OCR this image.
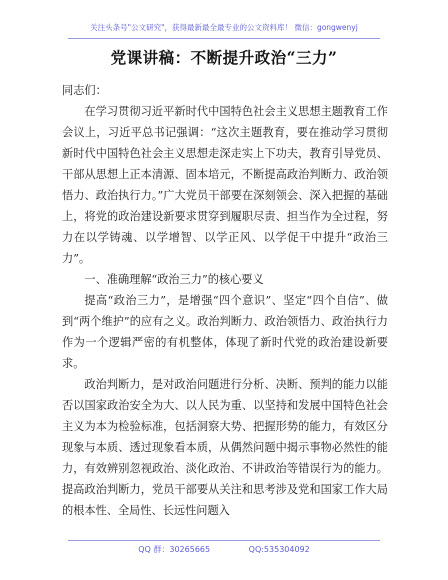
关注头条号"公文研究"，获得最新最全最专业的公文资料库！ 微信：gongwenyj
党课讲稿：不断提升政治“三力”

同志们：

在学习贯彻习近平新时代中国特色社会主义思想主题教育工作会议上，习近平总书记强调：“这次主题教育，要在推动学习贯彻新时代中国特色社会主义思想走深走实上下功夫，教育引导党员、干部从思想上正本清源、固本培元，不断提高政治判断力、政治领悟力、政治执行力。”广大党员干部要在深刻领会、深入把握的基础上，将党的政治建设新要求贯穿到履职尽责、担当作为全过程，努力在以学铸魂、以学增智、以学正风、以学促干中提升“政治三力”。

一、准确理解“政治三力”的核心要义

提高“政治三力”，是增强“四个意识”、坚定“四个自信”、做到“两个维护”的应有之义。政治判断力、政治领悟力、政治执行力作为一个逻辑严密的有机整体，体现了新时代党的政治建设新要求。

政治判断力，是对政治问题进行分析、决断、预判的能力以能否以国家政治安全为大、以人民为重、以坚持和发展中国特色社会主义为本为检验标准，包括洞察大势、把握形势的能力，有效区分现象与本质、透过现象看本质，从偶然问题中揭示事物必然性的能力，有效辨别忽视政治、淡化政治、不讲政治等错误行为的能力。提高政治判断力，党员干部要从关注和思考涉及党和国家工作大局的根本性、全局性、长远性问题入

QQ 群：30265665	QQ:535304092
